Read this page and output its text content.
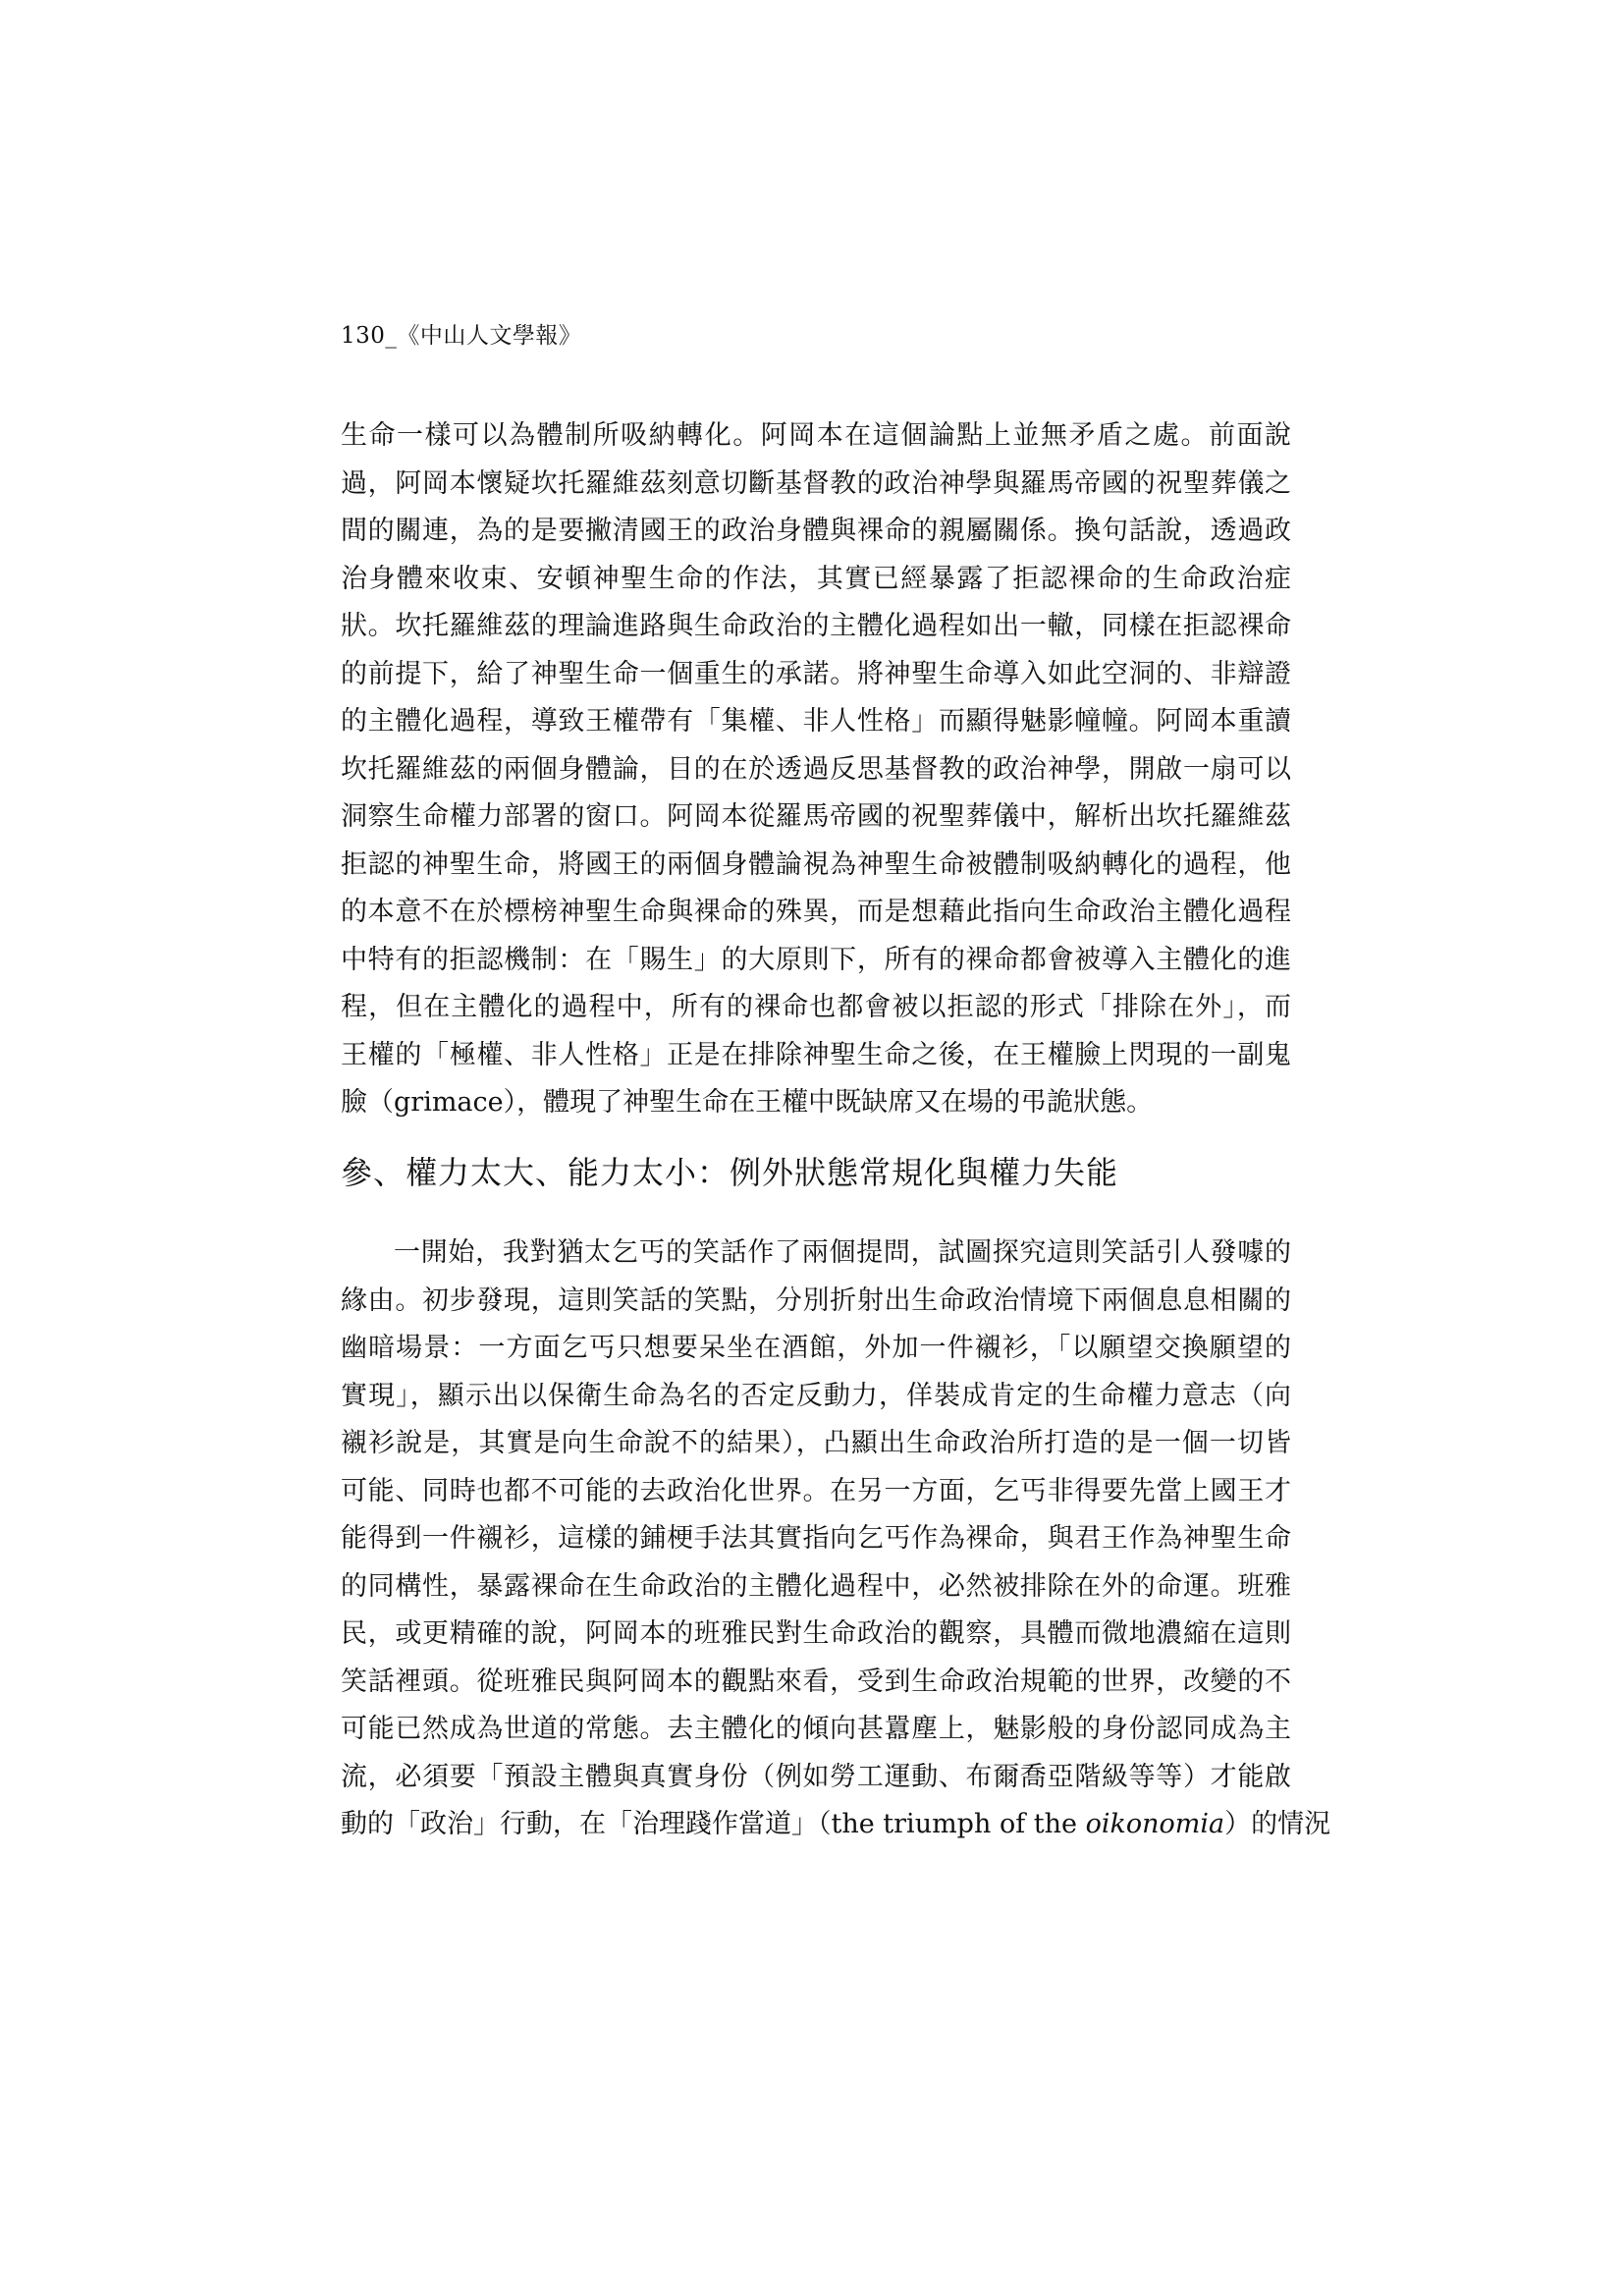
130_《中山人文學報》
生命一樣可以為體制所吸納轉化。阿岡本在這個論點上並無矛盾之處。前面說
過，阿岡本懷疑坎托羅維茲刻意切斷基督教的政治神學與羅馬帝國的祝聖葬儀之
間的關連，為的是要撇清國王的政治身體與裸命的親屬關係。換句話說，透過政
治身體來收束、安頓神聖生命的作法，其實已經暴露了拒認裸命的生命政治症
狀。坎托羅維茲的理論進路與生命政治的主體化過程如出一轍，同樣在拒認裸命
的前提下，給了神聖生命一個重生的承諾。將神聖生命導入如此空洞的、非辯證
的主體化過程，導致王權帶有「集權、非人性格」而顯得魅影幢幢。阿岡本重讀
坎托羅維茲的兩個身體論，目的在於透過反思基督教的政治神學，開啟一扇可以
洞察生命權力部署的窗口。阿岡本從羅馬帝國的祝聖葬儀中，解析出坎托羅維茲
拒認的神聖生命，將國王的兩個身體論視為神聖生命被體制吸納轉化的過程，他
的本意不在於標榜神聖生命與裸命的殊異，而是想藉此指向生命政治主體化過程
中特有的拒認機制：在「賜生」的大原則下，所有的裸命都會被導入主體化的進
程，但在主體化的過程中，所有的裸命也都會被以拒認的形式「排除在外」，而
王權的「極權、非人性格」正是在排除神聖生命之後，在王權臉上閃現的一副鬼
臉（grimace），體現了神聖生命在王權中既缺席又在場的弔詭狀態。
參、權力太大、能力太小：例外狀態常規化與權力失能
一開始，我對猶太乞丐的笑話作了兩個提問，試圖探究這則笑話引人發噱的
緣由。初步發現，這則笑話的笑點，分別折射出生命政治情境下兩個息息相關的
幽暗場景：一方面乞丐只想要呆坐在酒館，外加一件襯衫，「以願望交換願望的
實現」，顯示出以保衛生命為名的否定反動力，佯裝成肯定的生命權力意志（向
襯衫說是，其實是向生命說不的結果），凸顯出生命政治所打造的是一個一切皆
可能、同時也都不可能的去政治化世界。在另一方面，乞丐非得要先當上國王才
能得到一件襯衫，這樣的鋪梗手法其實指向乞丐作為裸命，與君王作為神聖生命
的同構性，暴露裸命在生命政治的主體化過程中，必然被排除在外的命運。班雅
民，或更精確的說，阿岡本的班雅民對生命政治的觀察，具體而微地濃縮在這則
笑話裡頭。從班雅民與阿岡本的觀點來看，受到生命政治規範的世界，改變的不
可能已然成為世道的常態。去主體化的傾向甚囂塵上，魅影般的身份認同成為主
流，必須要「預設主體與真實身份（例如勞工運動、布爾喬亞階級等等）才能啟
動的「政治」行動，在「治理踐作當道」（the triumph of the oikonomia）的情況
